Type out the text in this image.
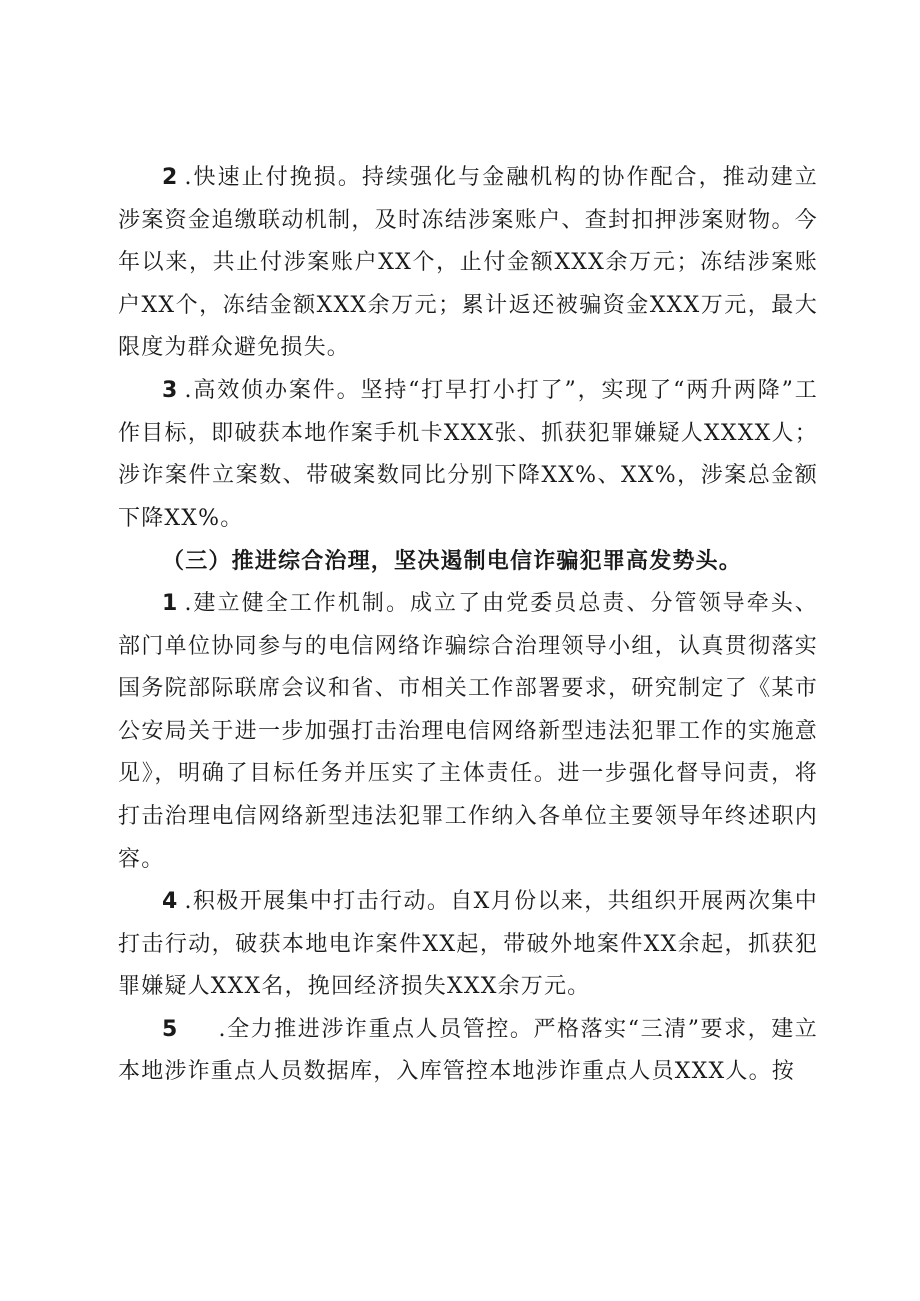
2 .快速止付挽损。持续强化与金融机构的协作配合，推动建立涉案资金追缴联动机制，及时冻结涉案账户、查封扣押涉案财物。今年以来，共止付涉案账户XX个，止付金额XXX余万元；冻结涉案账户XX个，冻结金额XXX余万元；累计返还被骗资金XXX万元，最大限度为群众避免损失。

3 .高效侦办案件。坚持“打早打小打了”，实现了“两升两降”工作目标，即破获本地作案手机卡XXX张、抓获犯罪嫌疑人XXXX人；涉诈案件立案数、带破案数同比分别下降XX%、XX%，涉案总金额下降XX%。

（三）推进综合治理，坚决遏制电信诈骗犯罪高发势头。

1 .建立健全工作机制。成立了由党委员总责、分管领导牵头、部门单位协同参与的电信网络诈骗综合治理领导小组，认真贯彻落实国务院部际联席会议和省、市相关工作部署要求，研究制定了《某市公安局关于进一步加强打击治理电信网络新型违法犯罪工作的实施意见》，明确了目标任务并压实了主体责任。进一步强化督导问责，将打击治理电信网络新型违法犯罪工作纳入各单位主要领导年终述职内容。

4 .积极开展集中打击行动。自X月份以来，共组织开展两次集中打击行动，破获本地电诈案件XX起，带破外地案件XX余起，抓获犯罪嫌疑人XXX名，挽回经济损失XXX余万元。

5 .全力推进涉诈重点人员管控。严格落实“三清”要求，建立本地涉诈重点人员数据库，入库管控本地涉诈重点人员XXX人。按
